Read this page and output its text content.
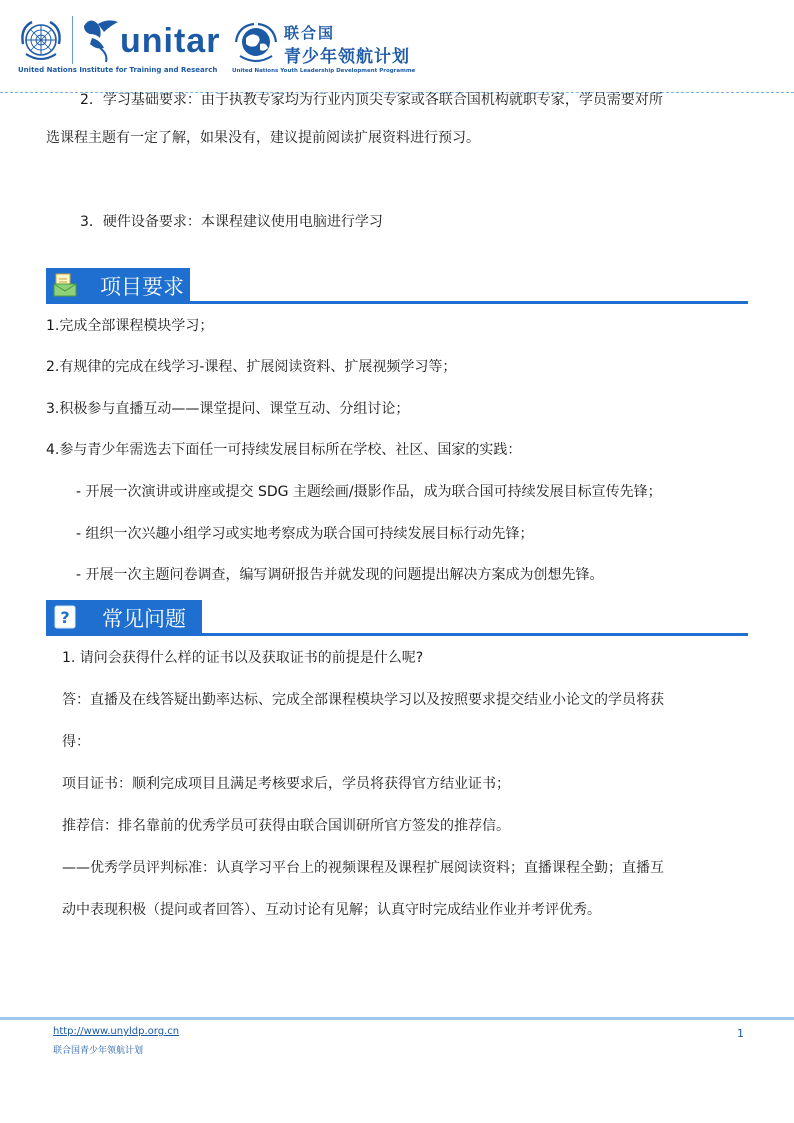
United Nations Institute for Training and Research
unitar	联合国
青少年领航计划
United Nations Youth Leadership Development Programme
2．学习基础要求：由于执教专家均为行业内顶尖专家或各联合国机构就职专家，学员需要对所
选课程主题有一定了解，如果没有，建议提前阅读扩展资料进行预习。
3．硬件设备要求：本课程建议使用电脑进行学习
项目要求
1.完成全部课程模块学习；
2.有规律的完成在线学习-课程、扩展阅读资料、扩展视频学习等；
3.积极参与直播互动——课堂提问、课堂互动、分组讨论；
4.参与青少年需选去下面任一可持续发展目标所在学校、社区、国家的实践：
- 开展一次演讲或讲座或提交 SDG 主题绘画/摄影作品，成为联合国可持续发展目标宣传先锋；
- 组织一次兴趣小组学习或实地考察成为联合国可持续发展目标行动先锋；
- 开展一次主题问卷调查，编写调研报告并就发现的问题提出解决方案成为创想先锋。
? 常见问题
1. 请问会获得什么样的证书以及获取证书的前提是什么呢?
答：直播及在线答疑出勤率达标、完成全部课程模块学习以及按照要求提交结业小论文的学员将获
得：
项目证书：顺利完成项目且满足考核要求后，学员将获得官方结业证书；
推荐信：排名靠前的优秀学员可获得由联合国训研所官方签发的推荐信。
——优秀学员评判标准：认真学习平台上的视频课程及课程扩展阅读资料；直播课程全勤；直播互
动中表现积极（提问或者回答）、互动讨论有见解；认真守时完成结业作业并考评优秀。
http://www.unyldp.org.cn
联合国青少年领航计划
1
